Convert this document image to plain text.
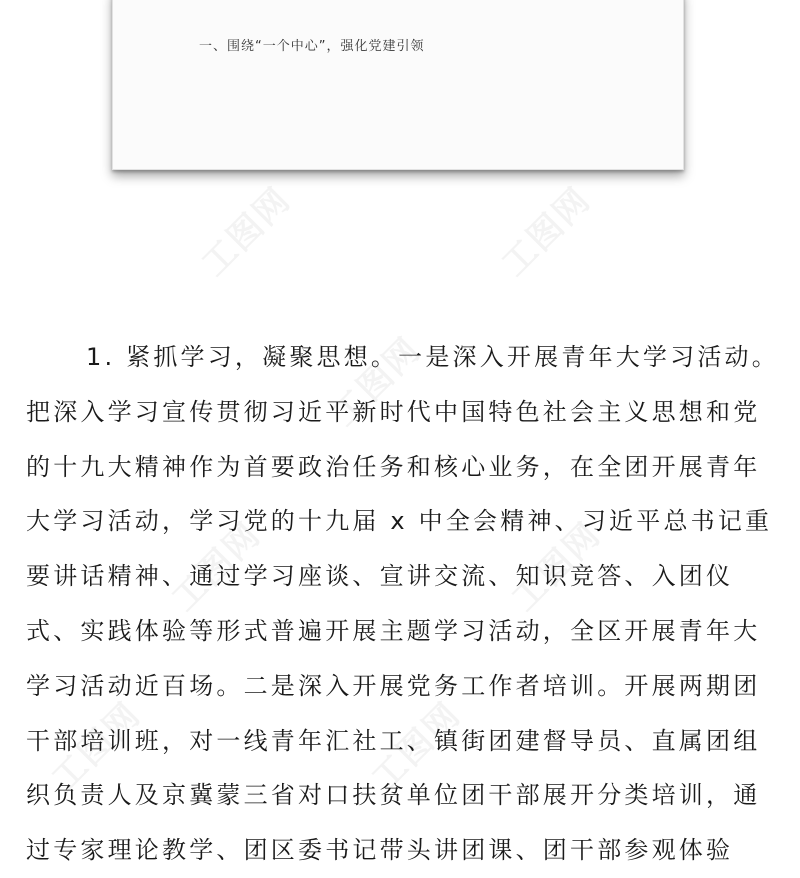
一、围绕“一个中心”，强化党建引领
工图网	工图网
工图网
工图网	工图网
工图网	工图网

1. 紧抓学习，凝聚思想。一是深入开展青年大学习活动。把深入学习宣传贯彻习近平新时代中国特色社会主义思想和党的十九大精神作为首要政治任务和核心业务，在全团开展青年大学习活动，学习党的十九届 x 中全会精神、习近平总书记重要讲话精神、通过学习座谈、宣讲交流、知识竞答、入团仪式、实践体验等形式普遍开展主题学习活动，全区开展青年大学习活动近百场。二是深入开展党务工作者培训。开展两期团干部培训班，对一线青年汇社工、镇街团建督导员、直属团组织负责人及京冀蒙三省对口扶贫单位团干部展开分类培训，通过专家理论教学、团区委书记带头讲团课、团干部参观体验
